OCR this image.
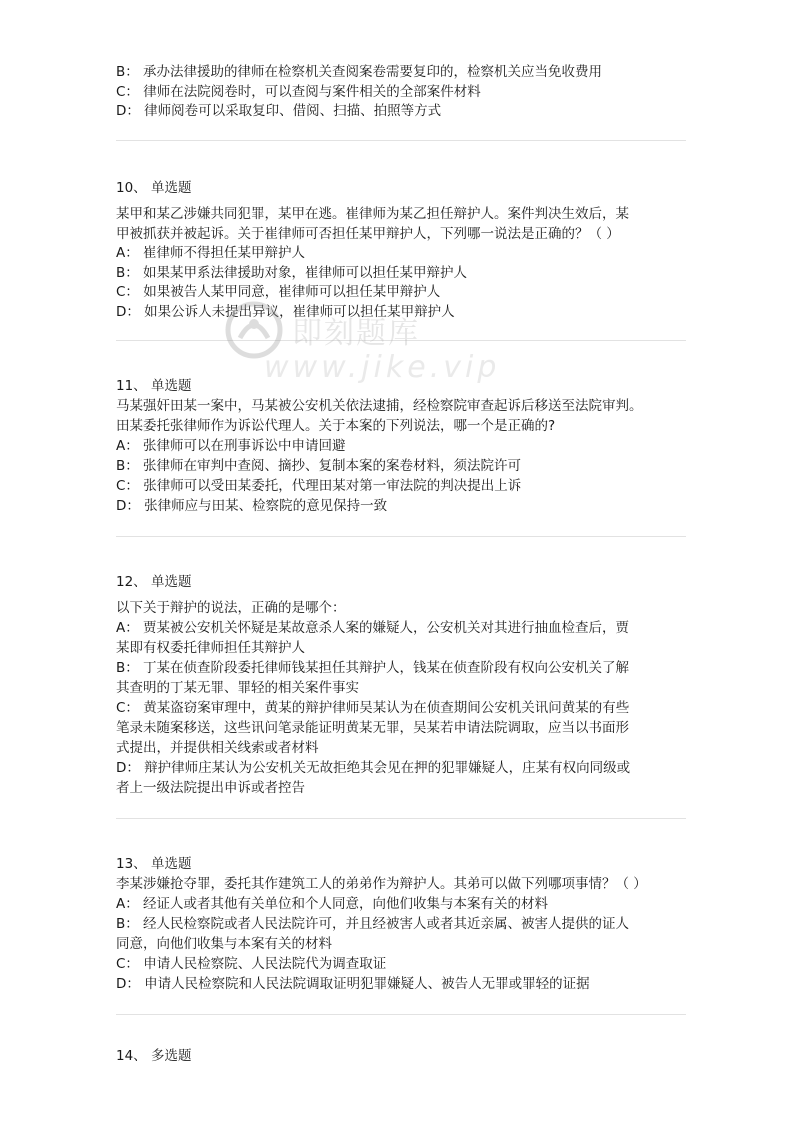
B： 承办法律援助的律师在检察机关查阅案卷需要复印的，检察机关应当免收费用
C： 律师在法院阅卷时，可以查阅与案件相关的全部案件材料
D： 律师阅卷可以采取复印、借阅、扫描、拍照等方式
10、 单选题
某甲和某乙涉嫌共同犯罪，某甲在逃。崔律师为某乙担任辩护人。案件判决生效后，某
甲被抓获并被起诉。关于崔律师可否担任某甲辩护人，下列哪一说法是正确的？（ ）
A： 崔律师不得担任某甲辩护人
B： 如果某甲系法律援助对象，崔律师可以担任某甲辩护人
C： 如果被告人某甲同意，崔律师可以担任某甲辩护人
D： 如果公诉人未提出异议，崔律师可以担任某甲辩护人
即刻题库
www.jike.vip
11、 单选题
马某强奸田某一案中，马某被公安机关依法逮捕，经检察院审查起诉后移送至法院审判。
田某委托张律师作为诉讼代理人。关于本案的下列说法，哪一个是正确的?
A： 张律师可以在刑事诉讼中申请回避
B： 张律师在审判中查阅、摘抄、复制本案的案卷材料，须法院许可
C： 张律师可以受田某委托，代理田某对第一审法院的判决提出上诉
D： 张律师应与田某、检察院的意见保持一致
12、 单选题
以下关于辩护的说法，正确的是哪个：
A： 贾某被公安机关怀疑是某故意杀人案的嫌疑人，公安机关对其进行抽血检查后，贾
某即有权委托律师担任其辩护人
B： 丁某在侦查阶段委托律师钱某担任其辩护人，钱某在侦查阶段有权向公安机关了解
其查明的丁某无罪、罪轻的相关案件事实
C： 黄某盗窃案审理中，黄某的辩护律师吴某认为在侦查期间公安机关讯问黄某的有些
笔录未随案移送，这些讯问笔录能证明黄某无罪，吴某若申请法院调取，应当以书面形
式提出，并提供相关线索或者材料
D： 辩护律师庄某认为公安机关无故拒绝其会见在押的犯罪嫌疑人，庄某有权向同级或
者上一级法院提出申诉或者控告
13、 单选题
李某涉嫌抢夺罪，委托其作建筑工人的弟弟作为辩护人。其弟可以做下列哪项事情？（ ）
A： 经证人或者其他有关单位和个人同意，向他们收集与本案有关的材料
B： 经人民检察院或者人民法院许可，并且经被害人或者其近亲属、被害人提供的证人
同意，向他们收集与本案有关的材料
C： 申请人民检察院、人民法院代为调查取证
D： 申请人民检察院和人民法院调取证明犯罪嫌疑人、被告人无罪或罪轻的证据
14、 多选题
